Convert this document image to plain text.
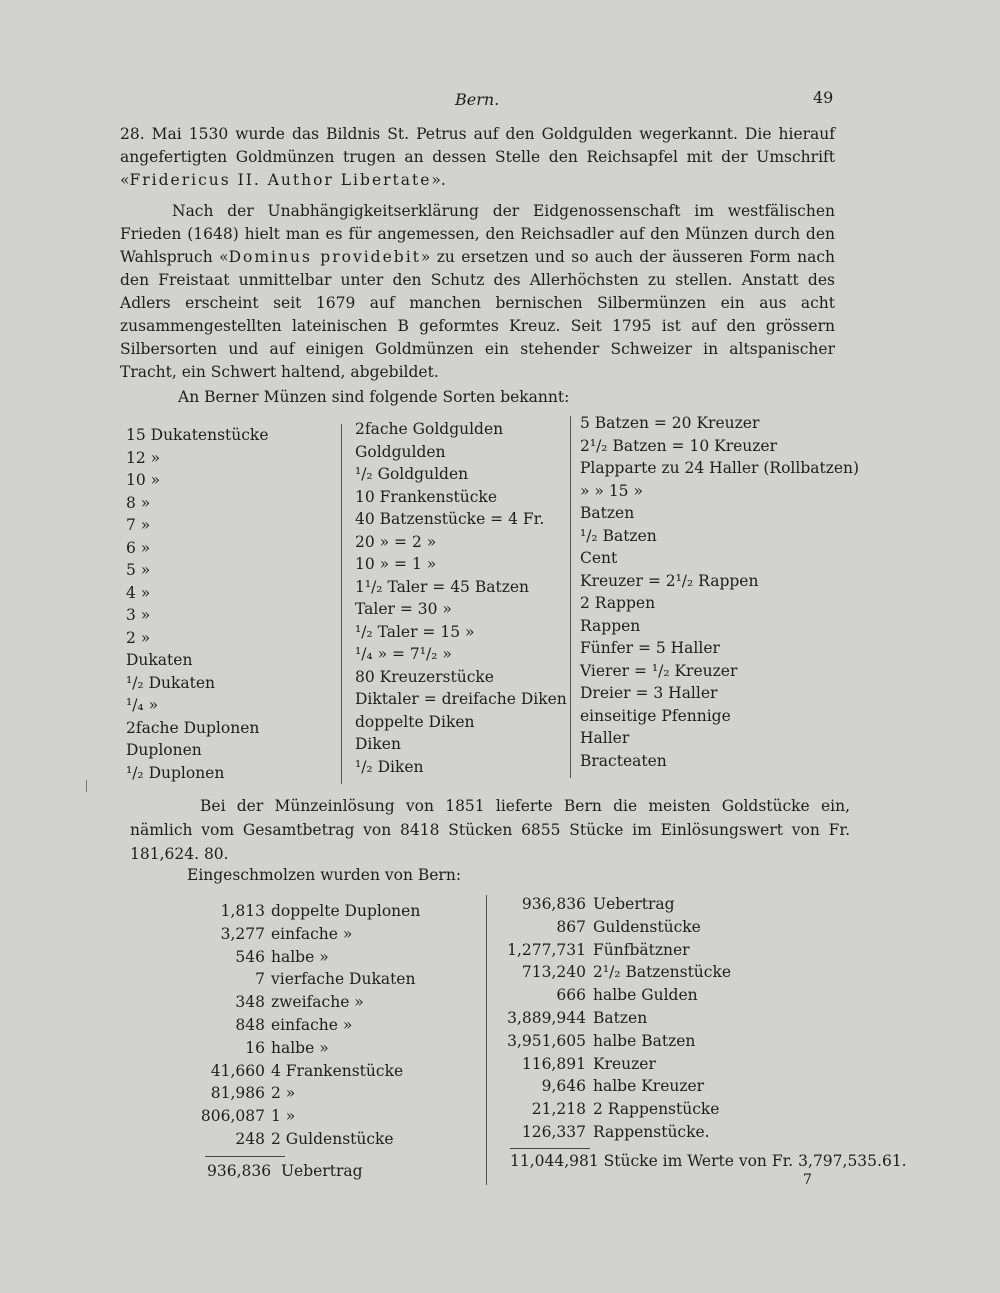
Bern.	49

28. Mai 1530 wurde das Bildnis St. Petrus auf den Goldgulden wegerkannt. Die hierauf angefertigten Goldmünzen trugen an dessen Stelle den Reichsapfel mit der Umschrift «Fridericus II. Author Libertate».

Nach der Unabhängigkeitserklärung der Eidgenossenschaft im westfälischen Frieden (1648) hielt man es für angemessen, den Reichsadler auf den Münzen durch den Wahlspruch «Dominus providebit» zu ersetzen und so auch der äusseren Form nach den Freistaat unmittelbar unter den Schutz des Allerhöchsten zu stellen. Anstatt des Adlers erscheint seit 1679 auf manchen bernischen Silbermünzen ein aus acht zusammengestellten lateinischen B geformtes Kreuz. Seit 1795 ist auf den grössern Silbersorten und auf einigen Goldmünzen ein stehender Schweizer in altspanischer Tracht, ein Schwert haltend, abgebildet.

An Berner Münzen sind folgende Sorten bekannt:
15 Dukatenstücke
12 »
10 »
8 »
7 »
6 »
5 »
4 »
3 »
2 »
Dukaten
¹/₂ Dukaten
¹/₄ »
2fache Duplonen
Duplonen
¹/₂ Duplonen
2fache Goldgulden
Goldgulden
¹/₂ Goldgulden
10 Frankenstücke
40 Batzenstücke = 4 Fr.
20 » = 2 »
10 » = 1 »
1¹/₂ Taler = 45 Batzen
Taler = 30 »
¹/₂ Taler = 15 »
¹/₄ » = 7¹/₂ »
80 Kreuzerstücke
Diktaler = dreifache Diken
doppelte Diken
Diken
¹/₂ Diken
5 Batzen = 20 Kreuzer
2¹/₂ Batzen = 10 Kreuzer
Plapparte zu 24 Haller (Rollbatzen)
» » 15 »
Batzen
¹/₂ Batzen
Cent
Kreuzer = 2¹/₂ Rappen
2 Rappen
Rappen
Fünfer = 5 Haller
Vierer = ¹/₂ Kreuzer
Dreier = 3 Haller
einseitige Pfennige
Haller
Bracteaten
Bei der Münzeinlösung von 1851 lieferte Bern die meisten Goldstücke ein, nämlich vom Gesamtbetrag von 8418 Stücken 6855 Stücke im Einlösungswert von Fr. 181,624. 80.
Eingeschmolzen wurden von Bern:
1,813 doppelte Duplonen
3,277 einfache »
546 halbe »
7 vierfache Dukaten
348 zweifache »
848 einfache »
16 halbe »
41,660 4 Frankenstücke
81,986 2 »
806,087 1 »
248 2 Guldenstücke
936,836 Uebertrag
936,836 Uebertrag
867 Guldenstücke
1,277,731 Fünfbätzner
713,240 2¹/₂ Batzenstücke
666 halbe Gulden
3,889,944 Batzen
3,951,605 halbe Batzen
116,891 Kreuzer
9,646 halbe Kreuzer
21,218 2 Rappenstücke
126,337 Rappenstücke.
11,044,981 Stücke im Werte von Fr. 3,797,535.61.
7
